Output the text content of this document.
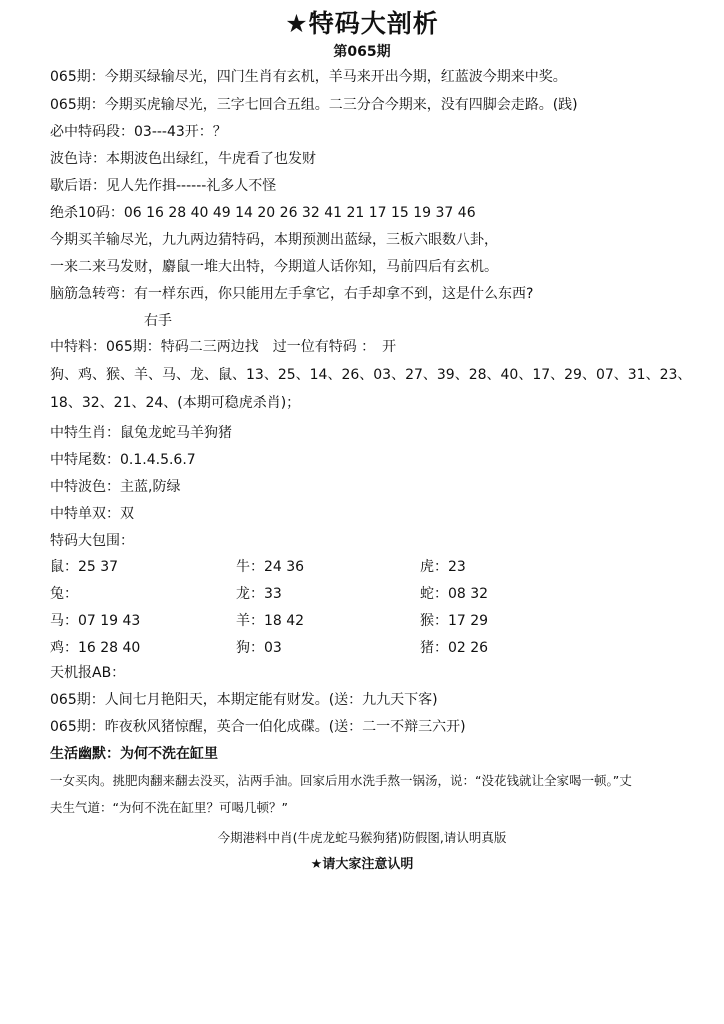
★特码大剖析
第065期
065期：今期买绿输尽光，四门生肖有玄机，羊马来开出今期，红蓝波今期来中奖。
065期：今期买虎输尽光，三字七回合五组。二三分合今期来，没有四脚会走路。(践)
必中特码段：03---43开：？
波色诗：本期波色出绿红，牛虎看了也发财
歇后语：见人先作揖------礼多人不怪
绝杀10码：06 16 28 40 49 14 20 26 32 41 21 17 15 19 37 46
今期买羊输尽光，九九两边猜特码，本期预测出蓝绿，三板六眼数八卦，
一来二来马发财，麝鼠一堆大出特，今期道人话你知，马前四后有玄机。
脑筋急转弯：有一样东西，你只能用左手拿它，右手却拿不到，这是什么东西?
右手
中特料：065期：特码二三两边找　过一位有特码 ：　开
狗、鸡、猴、羊、马、龙、鼠、13、25、14、26、03、27、39、28、40、17、29、07、31、23、
18、32、21、24、(本期可稳虎杀肖)；
中特生肖：鼠兔龙蛇马羊狗猪
中特尾数：0.1.4.5.6.7
中特波色：主蓝,防绿
中特单双：双
特码大包围：
鼠：25 37	牛：24 36	虎：23
兔：	龙：33	蛇：08 32
马：07 19 43	羊：18 42	猴：17 29
鸡：16 28 40	狗：03	猪：02 26
天机报AB：
065期：人间七月艳阳天，本期定能有财发。(送：九九天下客)
065期：昨夜秋风猪惊醒，英合一伯化成碟。(送：二一不辩三六开)
生活幽默：为何不洗在缸里
一女买肉。挑肥肉翻来翻去没买，沾两手油。回家后用水洗手熬一锅汤，说：“没花钱就让全家喝一顿。”丈
夫生气道：“为何不洗在缸里？可喝几顿？”
今期港料中肖(牛虎龙蛇马猴狗猪)防假图,请认明真版
★请大家注意认明
